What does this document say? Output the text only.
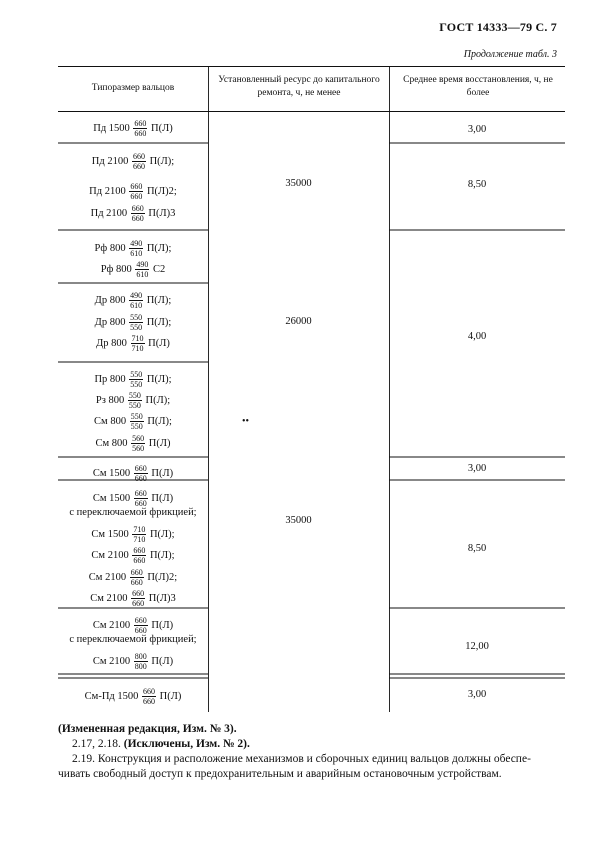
ГОСТ 14333—79 С. 7
Продолжение табл. 3
Типоразмер вальцов
Установленный ресурс до капитального ремонта, ч, не менее
Среднее время восстановления, ч, не более
Пд $1500 \frac{660}{660} П(Л)$
Пд $2100 \frac{660}{660} П(Л)$;
Пд $2100 \frac{660}{660} П(Л)2$;
Пд $2100 \frac{660}{660} П(Л)3$
Рф $800 \frac{490}{610} П(Л)$;
Рф $800 \frac{490}{610} С2$
Др $800 \frac{490}{610} П(Л)$;
Др $800 \frac{550}{550} П(Л)$;
Др $800 \frac{710}{710} П(Л)$
Пр $800 \frac{550}{550} П(Л)$;
Рз $800 \frac{550}{550} П(Л)$;
См $800 \frac{550}{550} П(Л)$;
См $800 \frac{560}{560} П(Л)$
См $1500 \frac{660}{660} П(Л)$
См $1500 \frac{660}{660} П(Л)$
с переключаемой фрикцией;
См $1500 \frac{710}{710} П(Л)$;
См $2100 \frac{660}{660} П(Л)$;
См $2100 \frac{660}{660} П(Л)2$;
См $2100 \frac{660}{660} П(Л)3$
См $2100 \frac{660}{660} П(Л)$
с переключаемой фрикцией;
См $2100 \frac{800}{800} П(Л)$
См-Пд $1500 \frac{660}{660} П(Л)$
35000
26000
35000
••
3,00
8,50
4,00
3,00
8,50
12,00
3,00
(Измененная редакция, Изм. № 3).
2.17, 2.18. (Исключены, Изм. № 2).
2.19. Конструкция и расположение механизмов и сборочных единиц вальцов должны обеспе-
чивать свободный доступ к предохранительным и аварийным остановочным устройствам.
